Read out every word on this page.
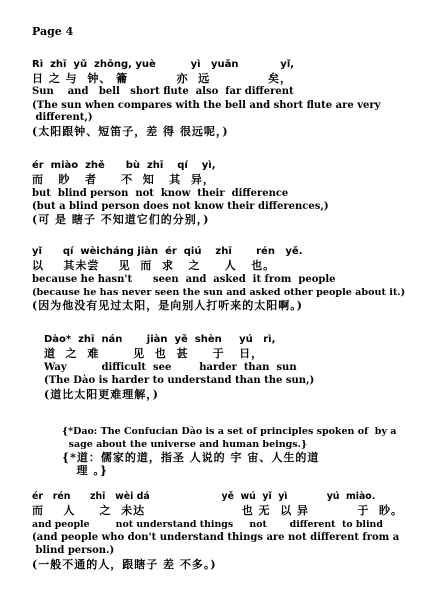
Page 4
Rì  zhī  yǔ  zhōng, yuè          yì   yuǎn            yǐ,
日 之 与  钟、 籥          亦  远            矣，
Sun    and   bell   short flute  also  far different
(The sun when compares with the bell and short flute are very
different,)
(太阳跟钟、短笛子，差 得 很远呢，)
ér  miào  zhě      bù  zhī    qí    yì,
而   眇   者     不  知   其  异，
but  blind person  not  know  their  difference
(but a blind person does not know their differences,)
(可 是 瞎子 不知道它们的分别，)
yǐ      qí  wèicháng jiàn  ér  qiú    zhī       rén   yě.
以    其未尝    见  而  求   之     人   也。
because he hasn't      seen  and  asked  it from  people
(because he has never seen the sun and asked other people about it.)
(因为他没有见过太阳，是向别人打听来的太阳啊。)
Dào*  zhī  nán       jiàn  yě  shèn     yú   rì,
道  之  难       见  也  甚     于   日，
Way          difficult  see        harder  than  sun
(The Dào is harder to understand than the sun,)
(道比太阳更难理解，)
{*Dao: The Confucian Dào is a set of principles spoken of  by a
sage about the universe and human beings.}
{*道：儒家的道，指圣 人说的 宇 宙、人生的道
理 。}
ér   rén      zhī   wèi dá                      yě  wú  yǐ  yì            yú  miào.
而    人     之  未达                    也 无  以 异          于  眇。
and people        not understand things     not       different  to blind
(and people who don't understand things are not different from a
blind person.)
(一般不通的人，跟瞎子 差 不多。)
